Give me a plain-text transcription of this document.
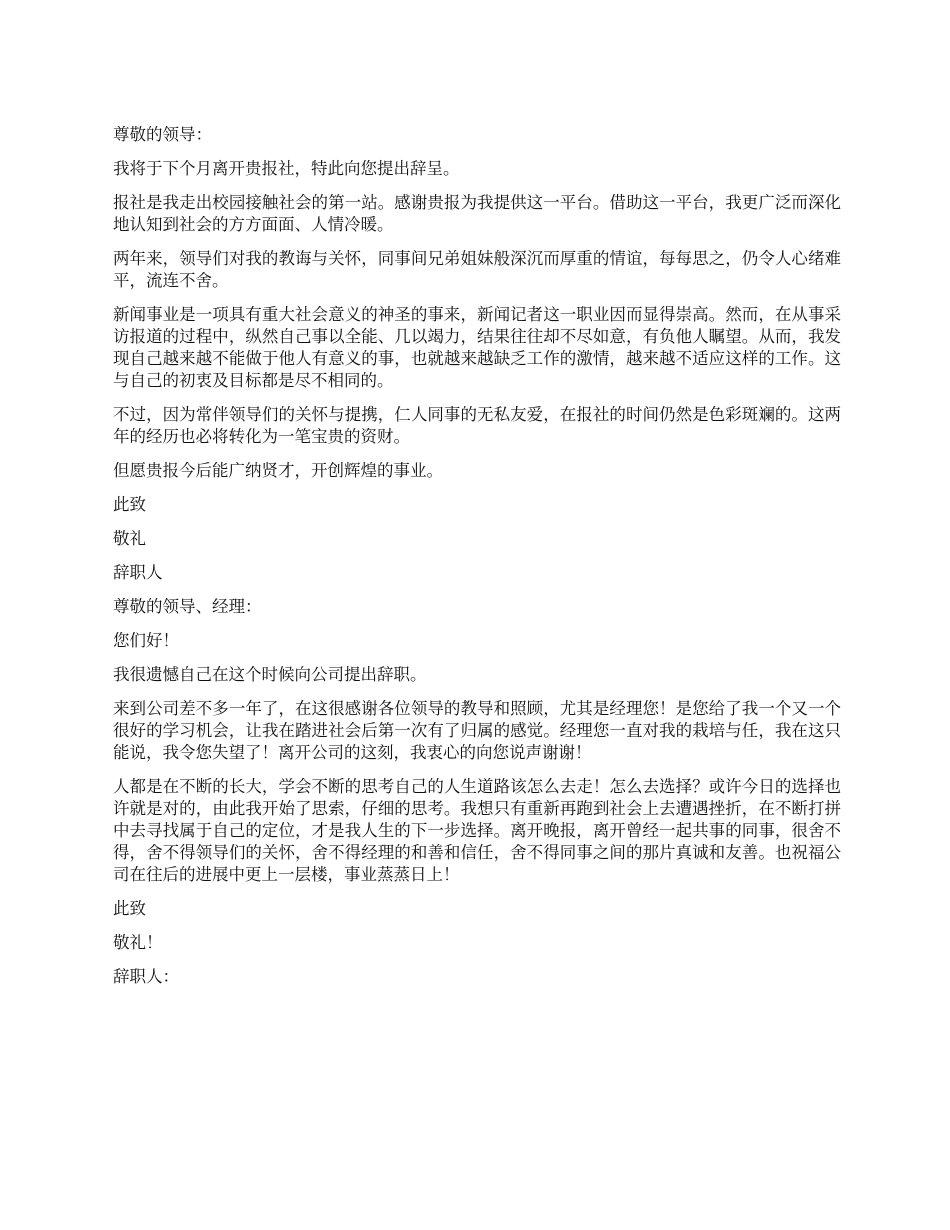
尊敬的领导：

我将于下个月离开贵报社，特此向您提出辞呈。

报社是我走出校园接触社会的第一站。感谢贵报为我提供这一平台。借助这一平台，我更广泛而深化地认知到社会的方方面面、人情冷暖。

两年来，领导们对我的教诲与关怀，同事间兄弟姐妹般深沉而厚重的情谊，每每思之，仍令人心绪难平，流连不舍。

新闻事业是一项具有重大社会意义的神圣的事来，新闻记者这一职业因而显得崇高。然而，在从事采访报道的过程中，纵然自己事以全能、几以竭力，结果往往却不尽如意，有负他人瞩望。从而，我发现自己越来越不能做于他人有意义的事，也就越来越缺乏工作的激情，越来越不适应这样的工作。这与自己的初衷及目标都是尽不相同的。

不过，因为常伴领导们的关怀与提携，仁人同事的无私友爱，在报社的时间仍然是色彩斑斓的。这两年的经历也必将转化为一笔宝贵的资财。

但愿贵报今后能广纳贤才，开创辉煌的事业。

此致

敬礼

辞职人

尊敬的领导、经理：

您们好！

我很遗憾自己在这个时候向公司提出辞职。

来到公司差不多一年了，在这很感谢各位领导的教导和照顾，尤其是经理您！是您给了我一个又一个很好的学习机会，让我在踏进社会后第一次有了归属的感觉。经理您一直对我的栽培与任，我在这只能说，我令您失望了！离开公司的这刻，我衷心的向您说声谢谢！

人都是在不断的长大，学会不断的思考自己的人生道路该怎么去走！怎么去选择？或许今日的选择也许就是对的，由此我开始了思索，仔细的思考。我想只有重新再跑到社会上去遭遇挫折，在不断打拼中去寻找属于自己的定位，才是我人生的下一步选择。离开晚报，离开曾经一起共事的同事，很舍不得，舍不得领导们的关怀，舍不得经理的和善和信任，舍不得同事之间的那片真诚和友善。也祝福公司在往后的进展中更上一层楼，事业蒸蒸日上！

此致

敬礼！

辞职人：
